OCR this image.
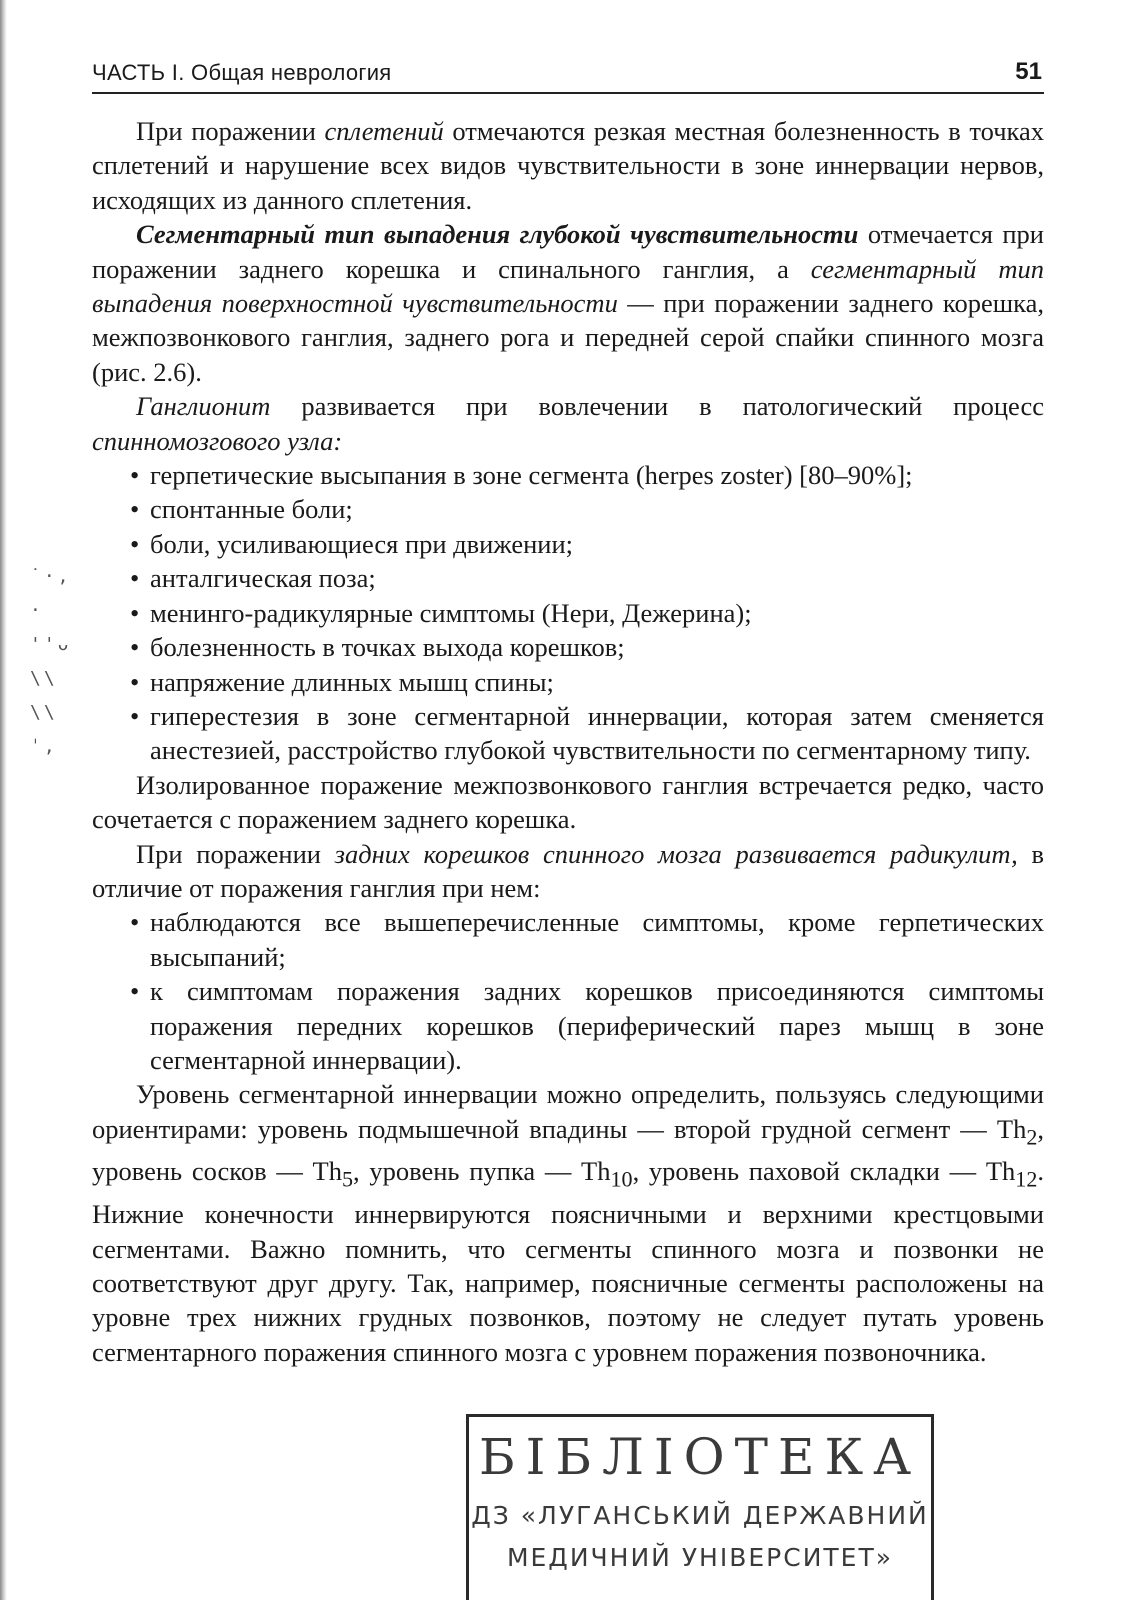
˙·,
·
''ᴗ
\\
\\
ˈ,
ЧАСТЬ I. Общая неврология	51

При поражении сплетений отмечаются резкая местная болезненность в точках сплетений и нарушение всех видов чувствительности в зоне иннервации нервов, исходящих из данного сплетения.

Сегментарный тип выпадения глубокой чувствительности отмечается при поражении заднего корешка и спинального ганглия, а сегментарный тип выпадения поверхностной чувствительности — при поражении заднего корешка, межпозвонкового ганглия, заднего рога и передней серой спайки спинного мозга (рис. 2.6).

Ганглионит развивается при вовлечении в патологический процесс спинномозгового узла:

• герпетические высыпания в зоне сегмента (herpes zoster) [80–90%];
• спонтанные боли;
• боли, усиливающиеся при движении;
• анталгическая поза;
• менинго-радикулярные симптомы (Нери, Дежерина);
• болезненность в точках выхода корешков;
• напряжение длинных мышц спины;
• гиперестезия в зоне сегментарной иннервации, которая затем сменяется анестезией, расстройство глубокой чувствительности по сегментарному типу.

Изолированное поражение межпозвонкового ганглия встречается редко, часто сочетается с поражением заднего корешка.

При поражении задних корешков спинного мозга развивается радикулит, в отличие от поражения ганглия при нем:

• наблюдаются все вышеперечисленные симптомы, кроме герпетических высыпаний;
• к симптомам поражения задних корешков присоединяются симптомы поражения передних корешков (периферический парез мышц в зоне сегментарной иннервации).

Уровень сегментарной иннервации можно определить, пользуясь следующими ориентирами: уровень подмышечной впадины — второй грудной сегмент — $Th_2$, уровень сосков — $Th_5$, уровень пупка — $Th_{10}$, уровень паховой складки — $Th_{12}$. Нижние конечности иннервируются поясничными и верхними крестцовыми сегментами. Важно помнить, что сегменты спинного мозга и позвонки не соответствуют друг другу. Так, например, поясничные сегменты расположены на уровне трех нижних грудных позвонков, поэтому не следует путать уровень сегментарного поражения спинного мозга с уровнем поражения позвоночника.

БІБЛІОТЕКА
ДЗ «ЛУГАНСЬКИЙ ДЕРЖАВНИЙ
МЕДИЧНИЙ УНІВЕРСИТЕТ»
